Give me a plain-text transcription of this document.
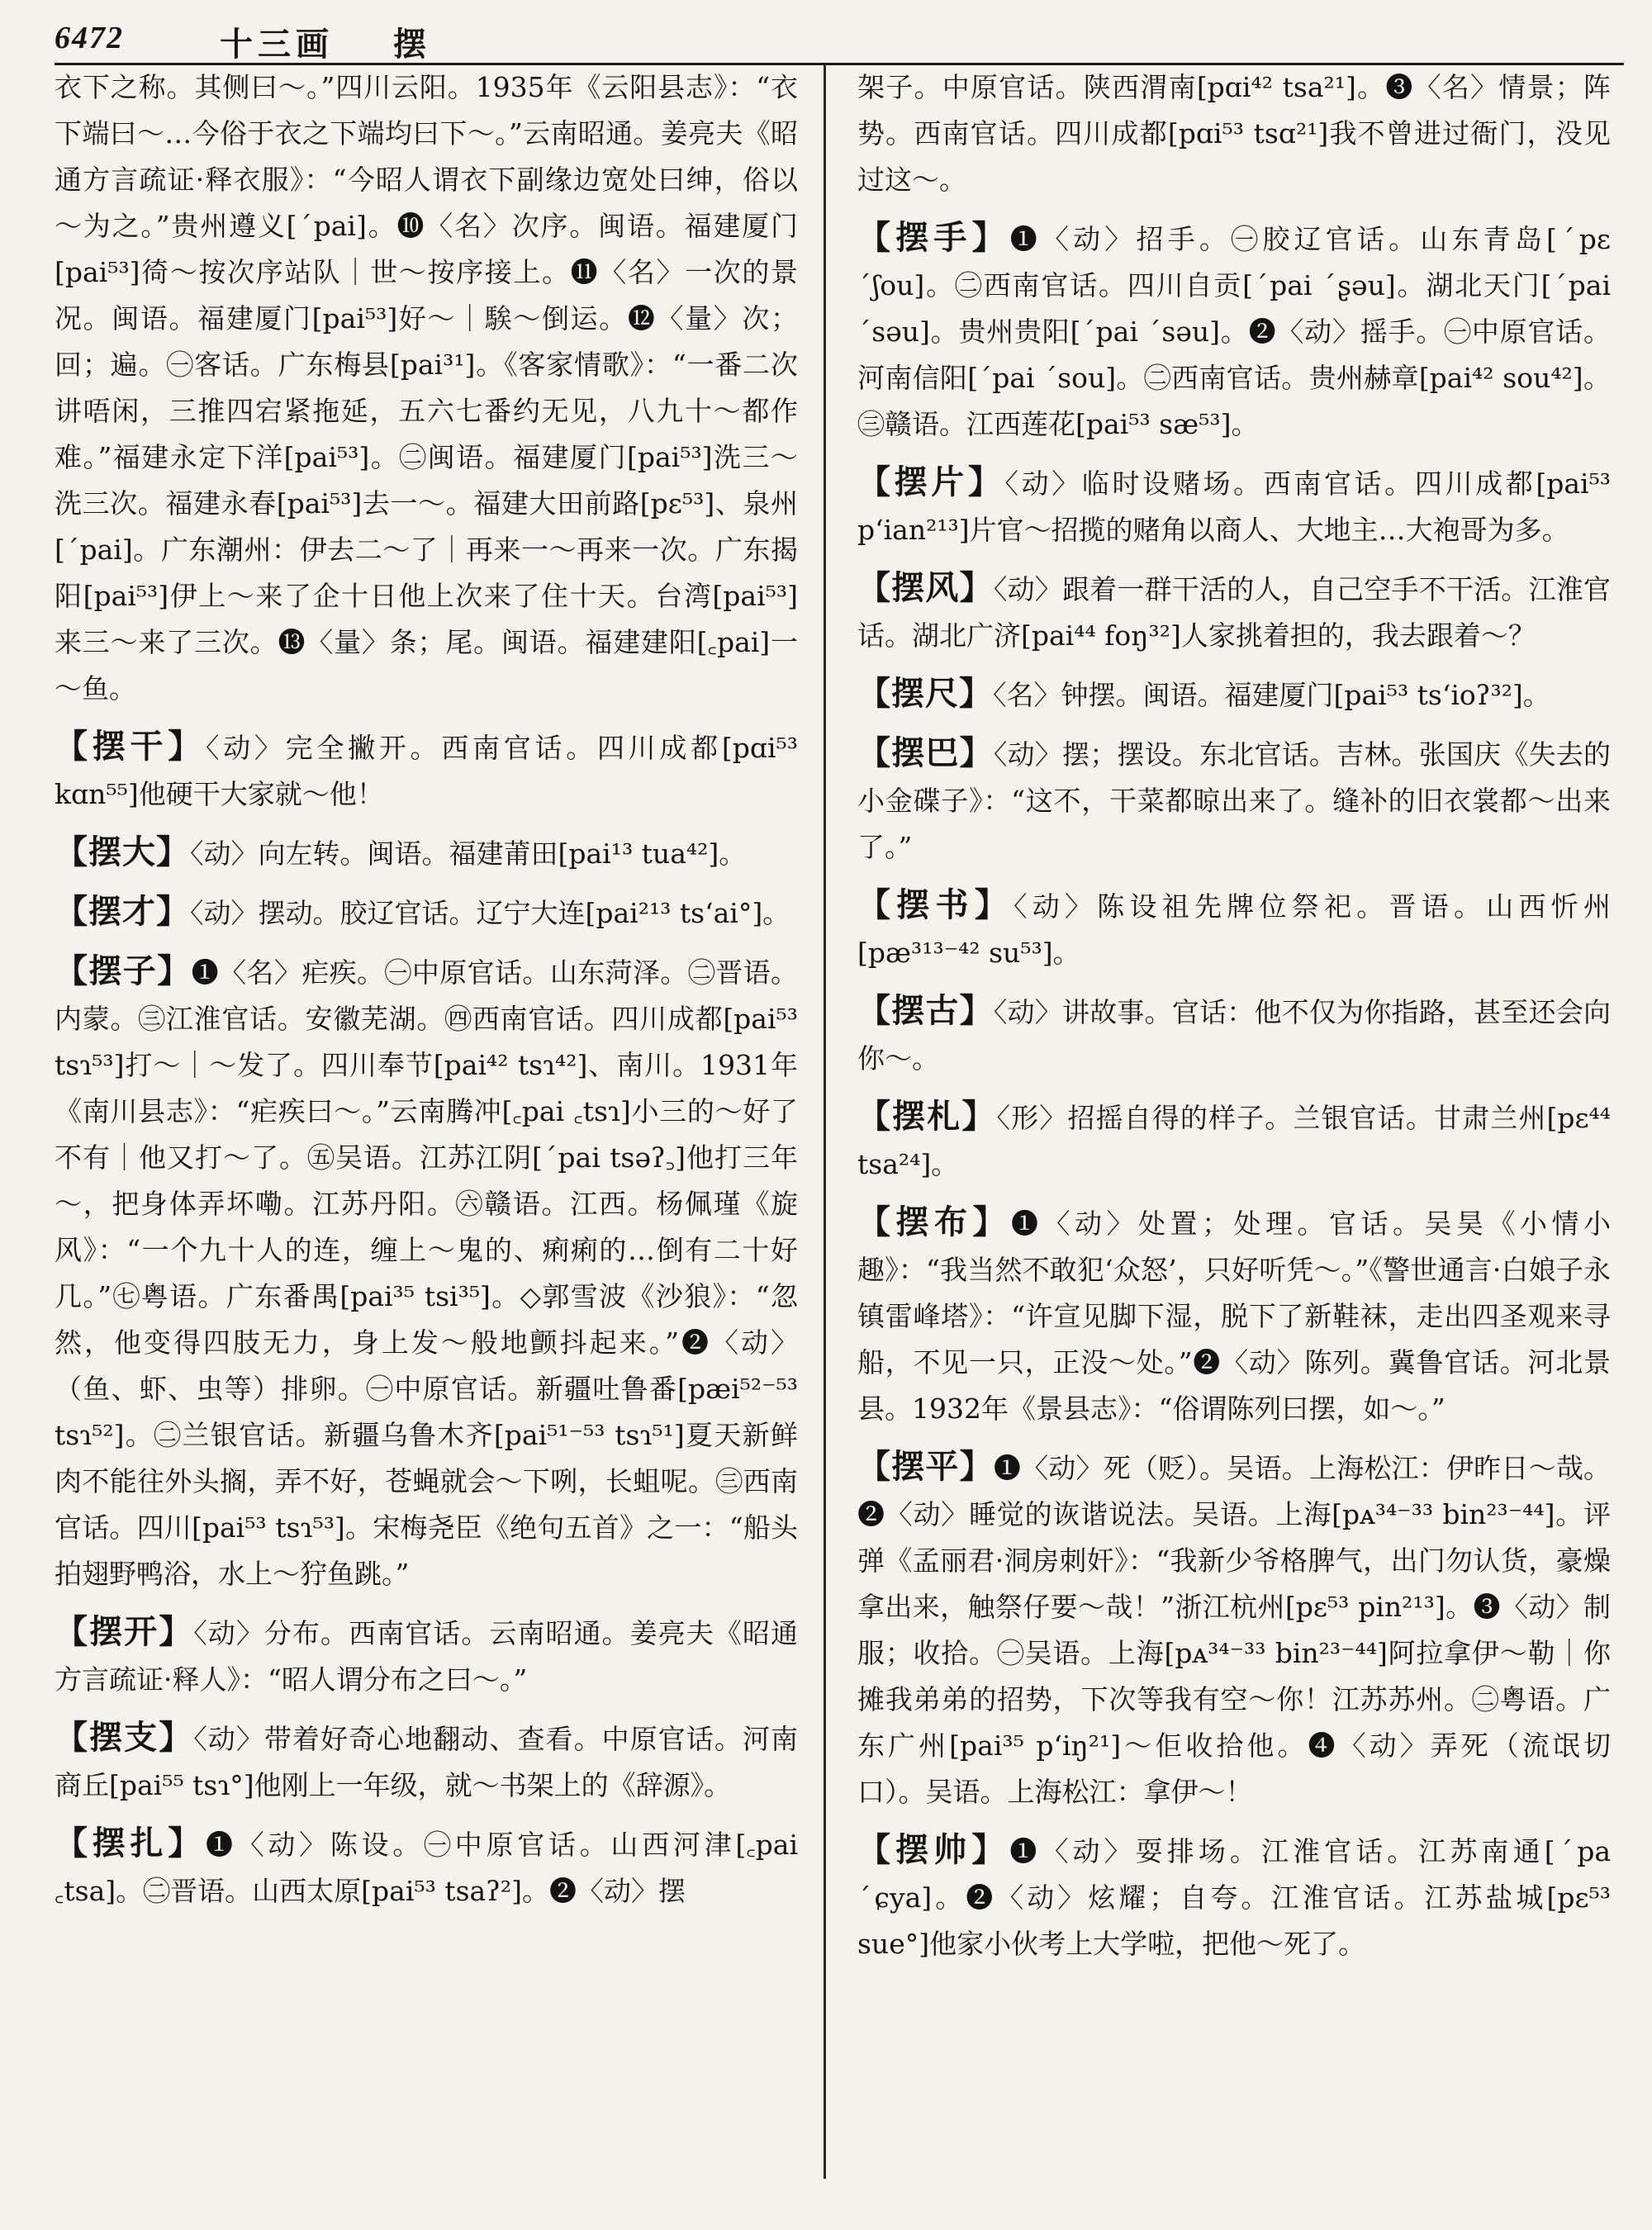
6472	十三画 摆

衣下之称。其侧曰～。”四川云阳。1935年《云阳县志》：“衣下端曰～…今俗于衣之下端均曰下～。”云南昭通。姜亮夫《昭通方言疏证·释衣服》：“今昭人谓衣下副缘边宽处曰绅，俗以～为之。”贵州遵义[ˊpai]。❿〈名〉次序。闽语。福建厦门[pai⁵³]徛～按次序站队｜世～按序接上。⓫〈名〉一次的景况。闽语。福建厦门[pai⁵³]好～｜騃～倒运。⓬〈量〉次；回；遍。㊀客话。广东梅县[pai³¹]。《客家情歌》：“一番二次讲唔闲，三推四宕紧拖延，五六七番约无见，八九十～都作难。”福建永定下洋[pai⁵³]。㊁闽语。福建厦门[pai⁵³]洗三～洗三次。福建永春[pai⁵³]去一～。福建大田前路[pɛ⁵³]、泉州[ˊpai]。广东潮州：伊去二～了｜再来一～再来一次。广东揭阳[pai⁵³]伊上～来了企十日他上次来了住十天。台湾[pai⁵³]来三～来了三次。⓭〈量〉条；尾。闽语。福建建阳[꜀pai]一～鱼。

【摆干】〈动〉完全撇开。西南官话。四川成都[pɑi⁵³ kɑn⁵⁵]他硬干大家就～他！

【摆大】〈动〉向左转。闽语。福建莆田[pai¹³ tua⁴²]。

【摆才】〈动〉摆动。胶辽官话。辽宁大连[pai²¹³ tsʻai°]。

【摆子】❶〈名〉疟疾。㊀中原官话。山东菏泽。㊁晋语。内蒙。㊂江淮官话。安徽芜湖。㊃西南官话。四川成都[pai⁵³ tsɿ⁵³]打～｜～发了。四川奉节[pai⁴² tsɿ⁴²]、南川。1931年《南川县志》：“疟疾曰～。”云南腾冲[꜀pai ꜀tsɿ]小三的～好了不有｜他又打～了。㊄吴语。江苏江阴[ˊpai tsəʔ꜆]他打三年～，把身体弄坏嘞。江苏丹阳。㊅赣语。江西。杨佩瑾《旋风》：“一个九十人的连，缠上～鬼的、痢痢的…倒有二十好几。”㊆粤语。广东番禺[pai³⁵ tsi³⁵]。◇郭雪波《沙狼》：“忽然，他变得四肢无力，身上发～般地颤抖起来。”❷〈动〉（鱼、虾、虫等）排卵。㊀中原官话。新疆吐鲁番[pæi⁵²⁻⁵³ tsɿ⁵²]。㊁兰银官话。新疆乌鲁木齐[pai⁵¹⁻⁵³ tsɿ⁵¹]夏天新鲜肉不能往外头搁，弄不好，苍蝇就会～下咧，长蛆呢。㊂西南官话。四川[pai⁵³ tsɿ⁵³]。宋梅尧臣《绝句五首》之一：“船头拍翅野鸭浴，水上～狞鱼跳。”

【摆开】〈动〉分布。西南官话。云南昭通。姜亮夫《昭通方言疏证·释人》：“昭人谓分布之曰～。”

【摆支】〈动〉带着好奇心地翻动、查看。中原官话。河南商丘[pai⁵⁵ tsɿ°]他刚上一年级，就～书架上的《辞源》。

【摆扎】❶〈动〉陈设。㊀中原官话。山西河津[꜀pai ꜀tsa]。㊁晋语。山西太原[pai⁵³ tsaʔ²]。❷〈动〉摆

架子。中原官话。陕西渭南[pɑi⁴² tsa²¹]。❸〈名〉情景；阵势。西南官话。四川成都[pɑi⁵³ tsɑ²¹]我不曾进过衙门，没见过这～。

【摆手】❶〈动〉招手。㊀胶辽官话。山东青岛[ˊpɛ ˊʃou]。㊁西南官话。四川自贡[ˊpai ˊʂəu]。湖北天门[ˊpai ˊsəu]。贵州贵阳[ˊpai ˊsəu]。❷〈动〉摇手。㊀中原官话。河南信阳[ˊpai ˊsou]。㊁西南官话。贵州赫章[pai⁴² sou⁴²]。㊂赣语。江西莲花[pai⁵³ sæ⁵³]。

【摆片】〈动〉临时设赌场。西南官话。四川成都[pai⁵³ pʻian²¹³]片官～招揽的赌角以商人、大地主…大袍哥为多。

【摆风】〈动〉跟着一群干活的人，自己空手不干活。江淮官话。湖北广济[pai⁴⁴ foŋ³²]人家挑着担的，我去跟着～？

【摆尺】〈名〉钟摆。闽语。福建厦门[pai⁵³ tsʻioʔ³²]。

【摆巴】〈动〉摆；摆设。东北官话。吉林。张国庆《失去的小金碟子》：“这不，干菜都晾出来了。缝补的旧衣裳都～出来了。”

【摆书】〈动〉陈设祖先牌位祭祀。晋语。山西忻州[pæ³¹³⁻⁴² su⁵³]。

【摆古】〈动〉讲故事。官话：他不仅为你指路，甚至还会向你～。

【摆札】〈形〉招摇自得的样子。兰银官话。甘肃兰州[pɛ⁴⁴ tsa²⁴]。

【摆布】❶〈动〉处置；处理。官话。吴昊《小情小趣》：“我当然不敢犯‘众怒’，只好听凭～。”《警世通言·白娘子永镇雷峰塔》：“许宣见脚下湿，脱下了新鞋袜，走出四圣观来寻船，不见一只，正没～处。”❷〈动〉陈列。冀鲁官话。河北景县。1932年《景县志》：“俗谓陈列曰摆，如～。”

【摆平】❶〈动〉死（贬）。吴语。上海松江：伊昨日～哉。❷〈动〉睡觉的诙谐说法。吴语。上海[pᴀ³⁴⁻³³ bin²³⁻⁴⁴]。评弹《孟丽君·洞房刺奸》：“我新少爷格脾气，出门勿认货，豪燥拿出来，触祭仔要～哉！”浙江杭州[pɛ⁵³ pin²¹³]。❸〈动〉制服；收拾。㊀吴语。上海[pᴀ³⁴⁻³³ bin²³⁻⁴⁴]阿拉拿伊～勒｜你摊我弟弟的招势，下次等我有空～你！江苏苏州。㊁粤语。广东广州[pai³⁵ pʻiŋ²¹]～佢收拾他。❹〈动〉弄死（流氓切口）。吴语。上海松江：拿伊～！

【摆帅】❶〈动〉耍排场。江淮官话。江苏南通[ˊpa ˊɕya]。❷〈动〉炫耀；自夸。江淮官话。江苏盐城[pɛ⁵³ sue°]他家小伙考上大学啦，把他～死了。
